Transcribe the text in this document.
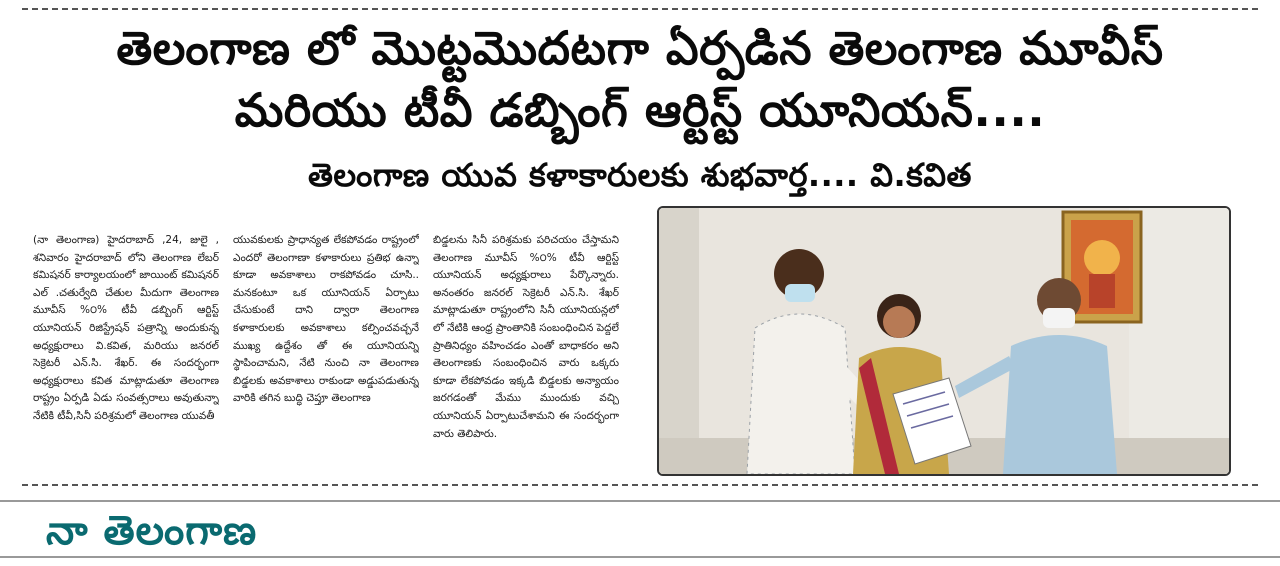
తెలంగాణ లో మొట్టమొదటగా ఏర్పడిన తెలంగాణ మూవీస్
మరియు టీవీ డబ్బింగ్ ఆర్టిస్ట్ యూనియన్....
తెలంగాణ యువ కళాకారులకు శుభవార్త.... వి.కవిత
(నా తెలంగాణ) హైదరాబాద్ ,24, జులై , శనివారం హైదరాబాద్ లోని తెలంగాణ లేబర్ కమిషనర్ కార్యాలయంలో జాయింట్ కమిషనర్ ఎల్ .చతుర్వేది చేతుల మీదుగా తెలంగాణ మూవీస్ %౦% టీవీ డబ్బింగ్ ఆర్టిస్ట్ యూనియన్ రిజిస్ట్రేషన్ పత్రాన్ని అందుకున్న అధ్యక్షురాలు వి.కవిత, మరియు జనరల్ సెక్రెటరీ ఎన్.సి. శేఖర్. ఈ సందర్భంగా అధ్యక్షురాలు కవిత మాట్లాడుతూ తెలంగాణ రాష్ట్రం ఏర్పడి ఏడు సంవత్సరాలు అవుతున్నా నేటికి టీవీ,సినీ పరిశ్రమలో తెలంగాణ యువతీ
యువకులకు ప్రాధాన్యత లేకపోవడం రాష్ట్రంలో ఎందరో తెలంగాణా కళాకారులు ప్రతిభ ఉన్నా కూడా అవకాశాలు రాకపోవడం చూసి.. మనకంటూ ఒక యూనియన్ ఏర్పాటు చేసుకుంటే దాని ద్వారా తెలంగాణ కళాకారులకు అవకాశాలు కల్పించవచ్చనే ముఖ్య ఉద్దేశం తో ఈ యూనియన్ని స్థాపించామని, నేటి నుంచి నా తెలంగాణ బిడ్డలకు అవకాశాలు రాకుండా అడ్డుపడుతున్న వారికి తగిన బుద్ధి చెప్తూ తెలంగాణ
బిడ్డలను సినీ పరిశ్రమకు పరిచయం చేస్తామని తెలంగాణ మూవీస్ %౦% టీవీ ఆర్టిస్ట్ యూనియన్ అధ్యక్షురాలు పేర్కొన్నారు. అనంతరం జనరల్ సెక్రెటరీ ఎన్.సి. శేఖర్ మాట్లాడుతూ రాష్ట్రంలోని సినీ యూనియన్లలో లో నేటికి ఆంధ్ర ప్రాంతానికి సంబంధించిన పెద్దలే ప్రాతినిధ్యం వహించడం ఎంతో బాధాకరం అని తెలంగాణకు సంబంధించిన వారు ఒక్కరు కూడా లేకపోవడం ఇక్కడి బిడ్డలకు అన్యాయం జరగడంతో మేము ముందుకు వచ్చి యూనియన్ ఏర్పాటుచేశామని ఈ సందర్భంగా వారు తెలిపారు.
నా తెలంగాణ
